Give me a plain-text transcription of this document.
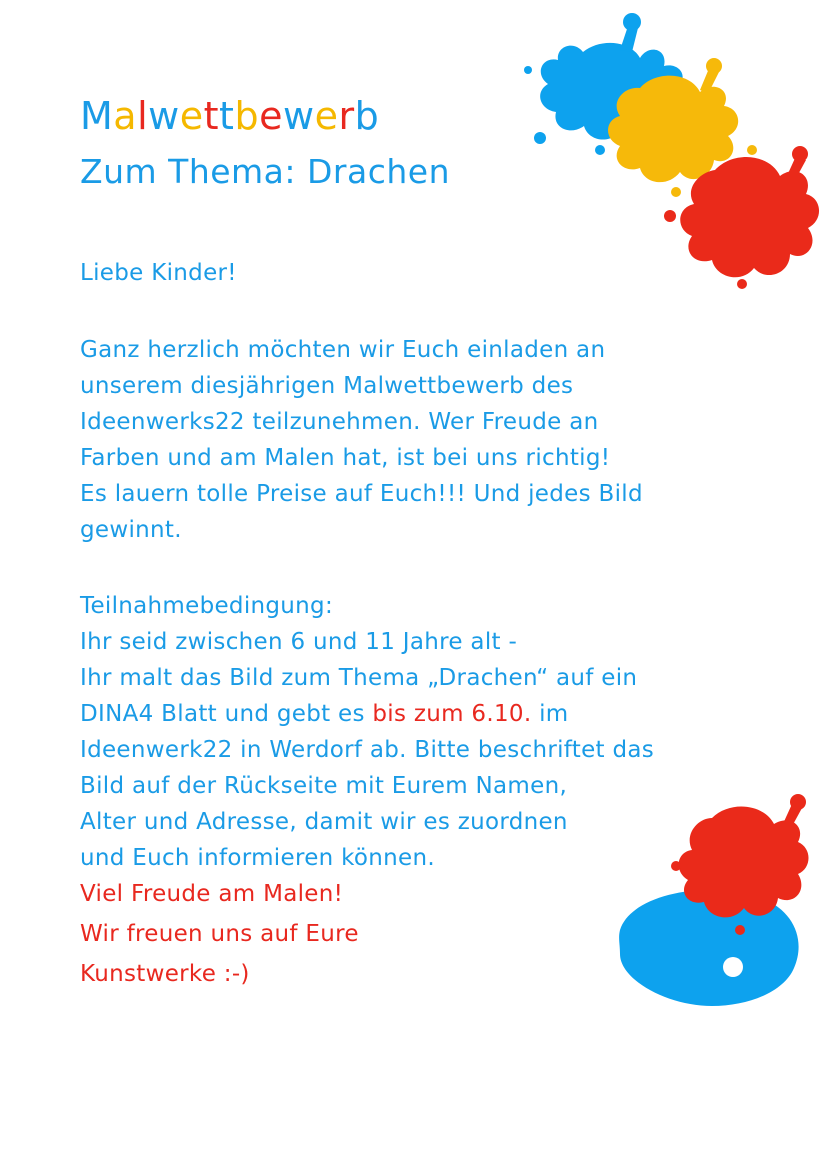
Malwettbewerb
Zum Thema: Drachen
Liebe Kinder!
Ganz herzlich möchten wir Euch einladen an
unserem diesjährigen Malwettbewerb des
Ideenwerks22 teilzunehmen. Wer Freude an
Farben und am Malen hat, ist bei uns richtig!
Es lauern tolle Preise auf Euch!!! Und jedes Bild
gewinnt.
Teilnahmebedingung:
Ihr seid zwischen 6 und 11 Jahre alt -
Ihr malt das Bild zum Thema „Drachen“ auf ein
DINA4 Blatt und gebt es bis zum 6.10. im
Ideenwerk22 in Werdorf ab. Bitte beschriftet das
Bild auf der Rückseite mit Eurem Namen,
Alter und Adresse, damit wir es zuordnen
und Euch informieren können.
Viel Freude am Malen!
Wir freuen uns auf Eure
Kunstwerke :-)
